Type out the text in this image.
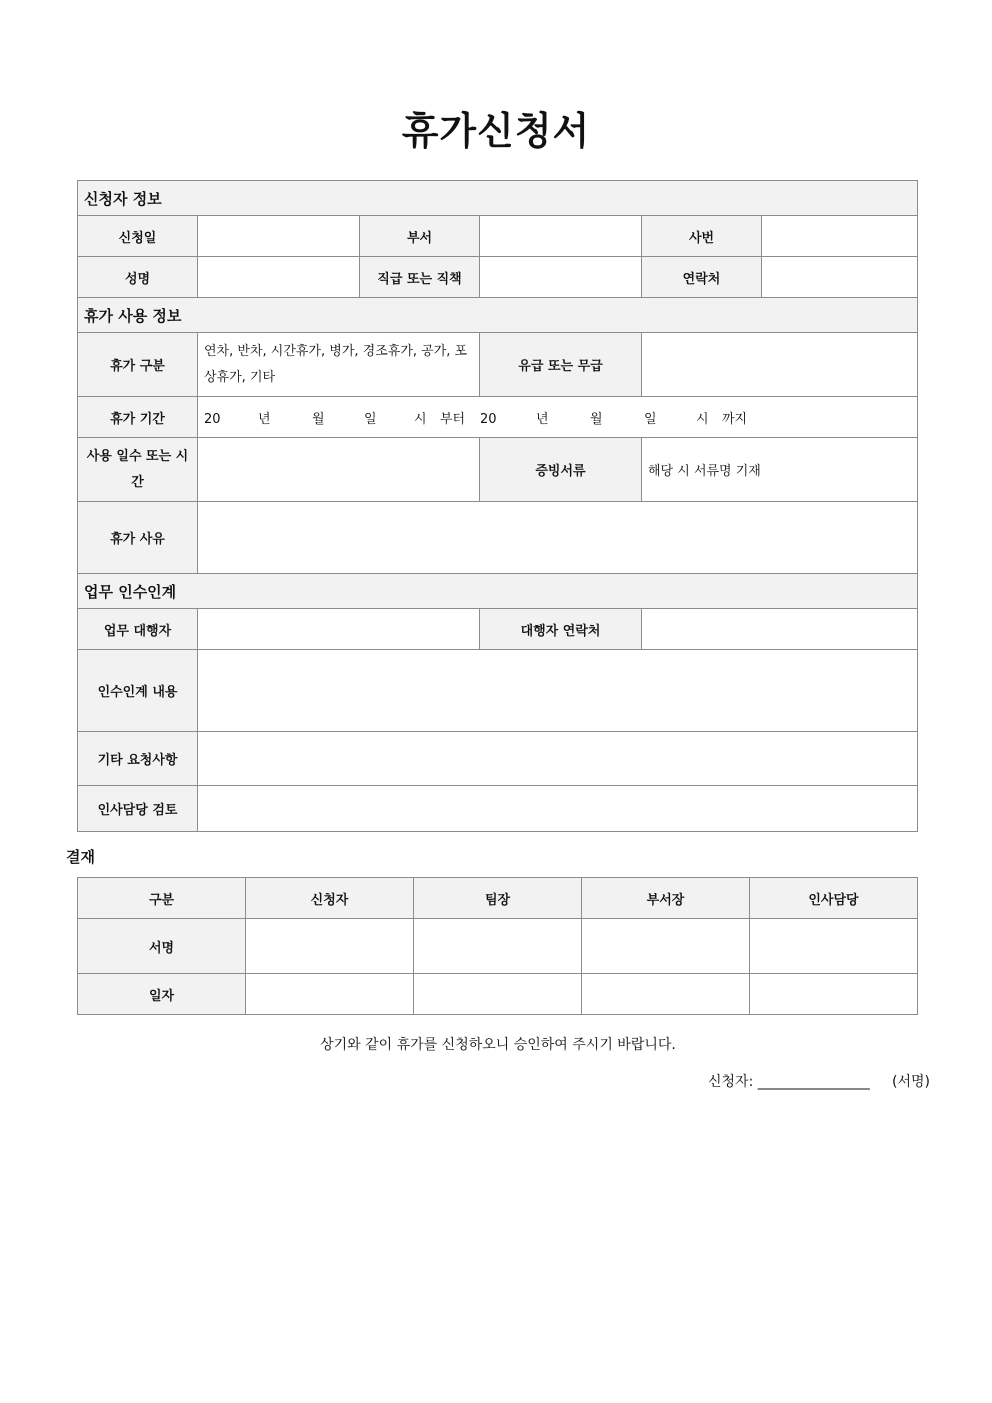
휴가신청서
신청자 정보					
신청일		부서		사번	
성명		직급 또는 직책		연락처	
휴가 사용 정보					
휴가 구분	연차, 반차, 시간휴가, 병가, 경조휴가, 공가, 포상휴가, 기타		유급 또는 무급		
휴가 기간	20 년 월 일 시 부터 20 년 월 일 시 까지				
사용 일수 또는 시간			증빙서류	해당 시 서류명 기재	
휴가 사유					
업무 인수인계					
업무 대행자			대행자 연락처		
인수인계 내용					
기타 요청사항					
인사담당 검토					
결재
구분	신청자	팀장	부서장	인사담당
서명				
일자				
상기와 같이 휴가를 신청하오니 승인하여 주시기 바랍니다.
신청자: ________________ (서명)
